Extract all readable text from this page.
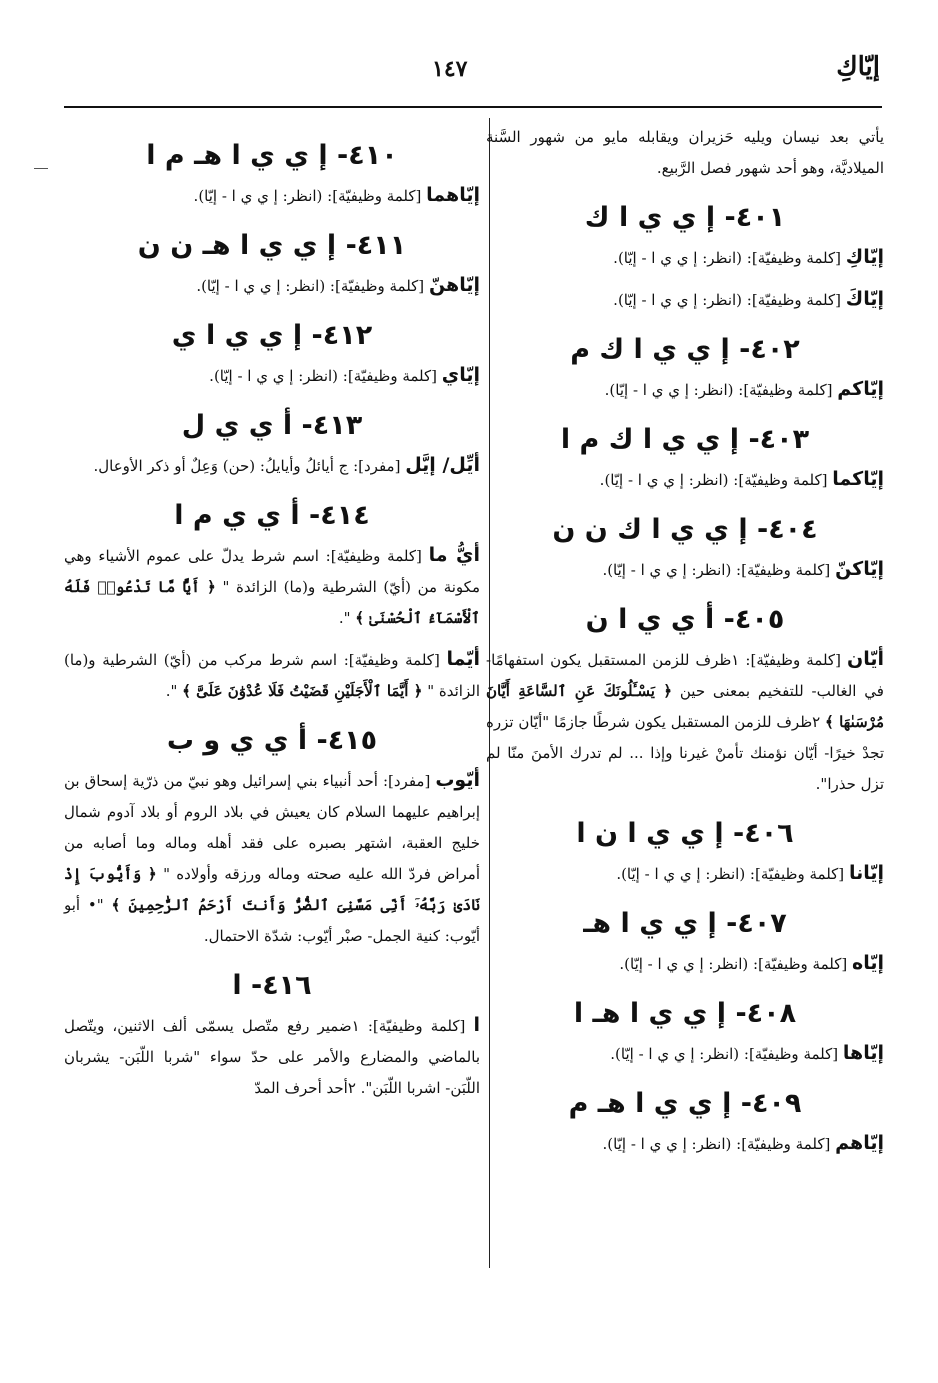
إيّاكِ
١٤٧

يأتي بعد نيسان ويليه حَزيران ويقابله مايو من شهور السَّنة الميلاديَّة، وهو أحد شهور فصل الرَّبيع.

٤٠١- إ ي ي ا ك

إيّاكِ [كلمة وظيفيّة]: (انظر: إ ي ي ا - إيّا).

إيّاكَ [كلمة وظيفيّة]: (انظر: إ ي ي ا - إيّا).

٤٠٢- إ ي ي ا ك م

إيّاكم [كلمة وظيفيّة]: (انظر: إ ي ي ا - إيّا).

٤٠٣- إ ي ي ا ك م ا

إيّاكما [كلمة وظيفيّة]: (انظر: إ ي ي ا - إيّا).

٤٠٤- إ ي ي ا ك ن ن

إيّاكنّ [كلمة وظيفيّة]: (انظر: إ ي ي ا - إيّا).

٤٠٥- أ ي ي ا ن

أيّان [كلمة وظيفيّة]: ١ظرف للزمن المستقبل يكون استفهامًا- في الغالب- للتفخيم بمعنى حين ﴿ يَسْـَٔلُونَكَ عَنِ ٱلسَّاعَةِ أَيَّانَ مُرْسَىٰهَا ﴾ ٢ظرف للزمن المستقبل يكون شرطًا جازمًا "أيّان تزره تجدْ خيرًا- أيّان نؤمنك تأمنْ غيرنا وإذا ... لم تدرك الأمنَ منّا لم تزل حذرا".

٤٠٦- إ ي ي ا ن ا

إيّانا [كلمة وظيفيّة]: (انظر: إ ي ي ا - إيّا).

٤٠٧- إ ي ي ا هـ

إيّاه [كلمة وظيفيّة]: (انظر: إ ي ي ا - إيّا).

٤٠٨- إ ي ي ا هـ ا

إيّاها [كلمة وظيفيّة]: (انظر: إ ي ي ا - إيّا).

٤٠٩- إ ي ي ا هـ م

إيّاهم [كلمة وظيفيّة]: (انظر: إ ي ي ا - إيّا).

٤١٠- إ ي ي ا هـ م ا

إيّاهما [كلمة وظيفيّة]: (انظر: إ ي ي ا - إيّا).

٤١١- إ ي ي ا هـ ن ن

إيّاهنّ [كلمة وظيفيّة]: (انظر: إ ي ي ا - إيّا).

٤١٢- إ ي ي ا ي

إيّاي [كلمة وظيفيّة]: (انظر: إ ي ي ا - إيّا).

٤١٣- أ ي ي ل

أيِّل/ إيَّل [مفرد]: ج أيائلُ وأيايلُ: (حن) وَعِلٌ أو ذكر الأوعال.

٤١٤- أ ي ي م ا

أيُّ ما [كلمة وظيفيّة]: اسم شرط يدلّ على عموم الأشياء وهي مكونة من (أيّ) الشرطية و(ما) الزائدة " ﴿ أَيًّا مَّا تَدْعُوا۟ فَلَهُ ٱلْأَسْمَآءُ ٱلْحُسْنَىٰ ﴾ ".

أيّما [كلمة وظيفيّة]: اسم شرط مركب من (أيّ) الشرطية و(ما) الزائدة " ﴿ أَيَّمَا ٱلْأَجَلَيْنِ قَضَيْتُ فَلَا عُدْوَٰنَ عَلَىَّ ﴾ ".

٤١٥- أ ي ي و ب

أيّوب [مفرد]: أحد أنبياء بني إسرائيل وهو نبيّ من ذرّية إسحاق بن إبراهيم عليهما السلام كان يعيش في بلاد الروم أو بلاد آدوم شمال خليج العقبة، اشتهر بصبره على فقد أهله وماله وما أصابه من أمراض فردّ الله عليه صحته وماله ورزقه وأولاده " ﴿ وَأَيُّوبَ إِذْ نَادَىٰ رَبَّهُۥٓ أَنِّى مَسَّنِىَ ٱلضُّرُّ وَأَنتَ أَرْحَمُ ٱلرَّٰحِمِينَ ﴾ "• أبو أيّوب: كنية الجمل- صبْر أيّوب: شدّة الاحتمال.

٤١٦- ا

ا [كلمة وظيفيّة]: ١ضمير رفع متّصل يسمّى ألف الاثنين، ويتّصل بالماضي والمضارع والأمر على حدّ سواء "شربا اللّبَن- يشربان اللّبَن- اشربا اللّبَن". ٢أحد أحرف المدّ
